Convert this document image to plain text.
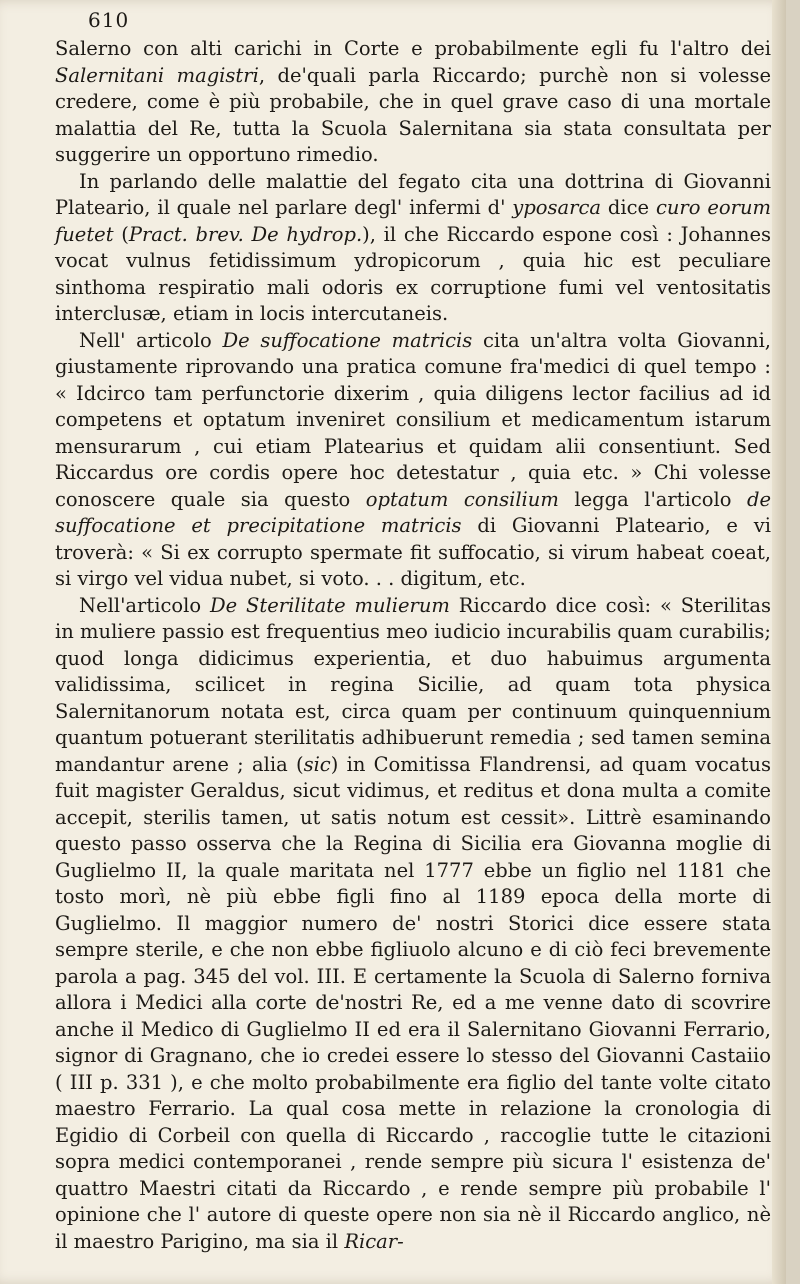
610

Salerno con alti carichi in Corte e probabilmente egli fu l'altro dei Salernitani magistri, de'quali parla Riccardo; purchè non si volesse credere, come è più probabile, che in quel grave caso di una mortale malattia del Re, tutta la Scuola Salernitana sia stata consultata per suggerire un opportuno rimedio.

In parlando delle malattie del fegato cita una dottrina di Giovanni Plateario, il quale nel parlare degl' infermi d' yposarca dice curo eorum fuetet (Pract. brev. De hydrop.), il che Riccardo espone così : Johannes vocat vulnus fetidissimum ydropicorum , quia hic est peculiare sinthoma respiratio mali odoris ex corruptione fumi vel ventositatis interclusæ, etiam in locis intercutaneis.

Nell' articolo De suffocatione matricis cita un'altra volta Giovanni, giustamente riprovando una pratica comune fra'medici di quel tempo : « Idcirco tam perfunctorie dixerim , quia diligens lector facilius ad id competens et optatum inveniret consilium et medicamentum istarum mensurarum , cui etiam Platearius et quidam alii consentiunt. Sed Riccardus ore cordis opere hoc detestatur , quia etc. » Chi volesse conoscere quale sia questo optatum consilium legga l'articolo de suffocatione et precipitatione matricis di Giovanni Plateario, e vi troverà: « Si ex corrupto spermate fit suffocatio, si virum habeat coeat, si virgo vel vidua nubet, si voto. . . digitum, etc.

Nell'articolo De Sterilitate mulierum Riccardo dice così: « Sterilitas in muliere passio est frequentius meo iudicio incurabilis quam curabilis; quod longa didicimus experientia, et duo habuimus argumenta validissima, scilicet in regina Sicilie, ad quam tota physica Salernitanorum notata est, circa quam per continuum quinquennium quantum potuerant sterilitatis adhibuerunt remedia ; sed tamen semina mandantur arene ; alia (sic) in Comitissa Flandrensi, ad quam vocatus fuit magister Geraldus, sicut vidimus, et reditus et dona multa a comite accepit, sterilis tamen, ut satis notum est cessit». Littrè esaminando questo passo osserva che la Regina di Sicilia era Giovanna moglie di Guglielmo II, la quale maritata nel 1777 ebbe un figlio nel 1181 che tosto morì, nè più ebbe figli fino al 1189 epoca della morte di Guglielmo. Il maggior numero de' nostri Storici dice essere stata sempre sterile, e che non ebbe figliuolo alcuno e di ciò feci brevemente parola a pag. 345 del vol. III. E certamente la Scuola di Salerno forniva allora i Medici alla corte de'nostri Re, ed a me venne dato di scovrire anche il Medico di Guglielmo II ed era il Salernitano Giovanni Ferrario, signor di Gragnano, che io credei essere lo stesso del Giovanni Castaiio ( III p. 331 ), e che molto probabilmente era figlio del tante volte citato maestro Ferrario. La qual cosa mette in relazione la cronologia di Egidio di Corbeil con quella di Riccardo , raccoglie tutte le citazioni sopra medici contemporanei , rende sempre più sicura l' esistenza de' quattro Maestri citati da Riccardo , e rende sempre più probabile l' opinione che l' autore di queste opere non sia nè il Riccardo anglico, nè il maestro Parigino, ma sia il Ricar-
